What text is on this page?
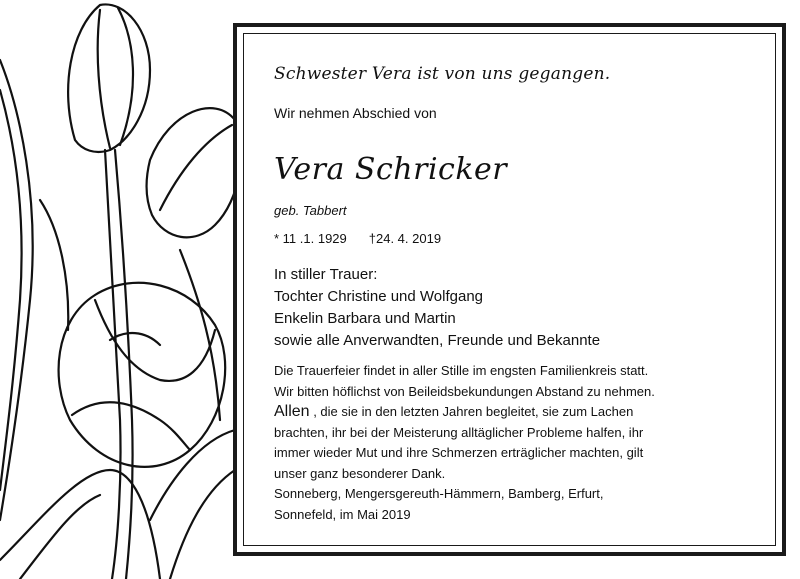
Schwester Vera ist von uns gegangen.
Wir nehmen Abschied von
Vera Schricker
geb. Tabbert
* 11 .1. 1929 †24. 4. 2019
In stiller Trauer:
Tochter Christine und Wolfgang
Enkelin Barbara und Martin
sowie alle Anverwandten, Freunde und Bekannte
Die Trauerfeier findet in aller Stille im engsten Familienkreis statt.
Wir bitten höflichst von Beileidsbekundungen Abstand zu nehmen.
Allen , die sie in den letzten Jahren begleitet, sie zum Lachen
brachten, ihr bei der Meisterung alltäglicher Probleme halfen, ihr
immer wieder Mut und ihre Schmerzen erträglicher machten, gilt
unser ganz besonderer Dank.
Sonneberg, Mengersgereuth-Hämmern, Bamberg, Erfurt,
Sonnefeld, im Mai 2019
